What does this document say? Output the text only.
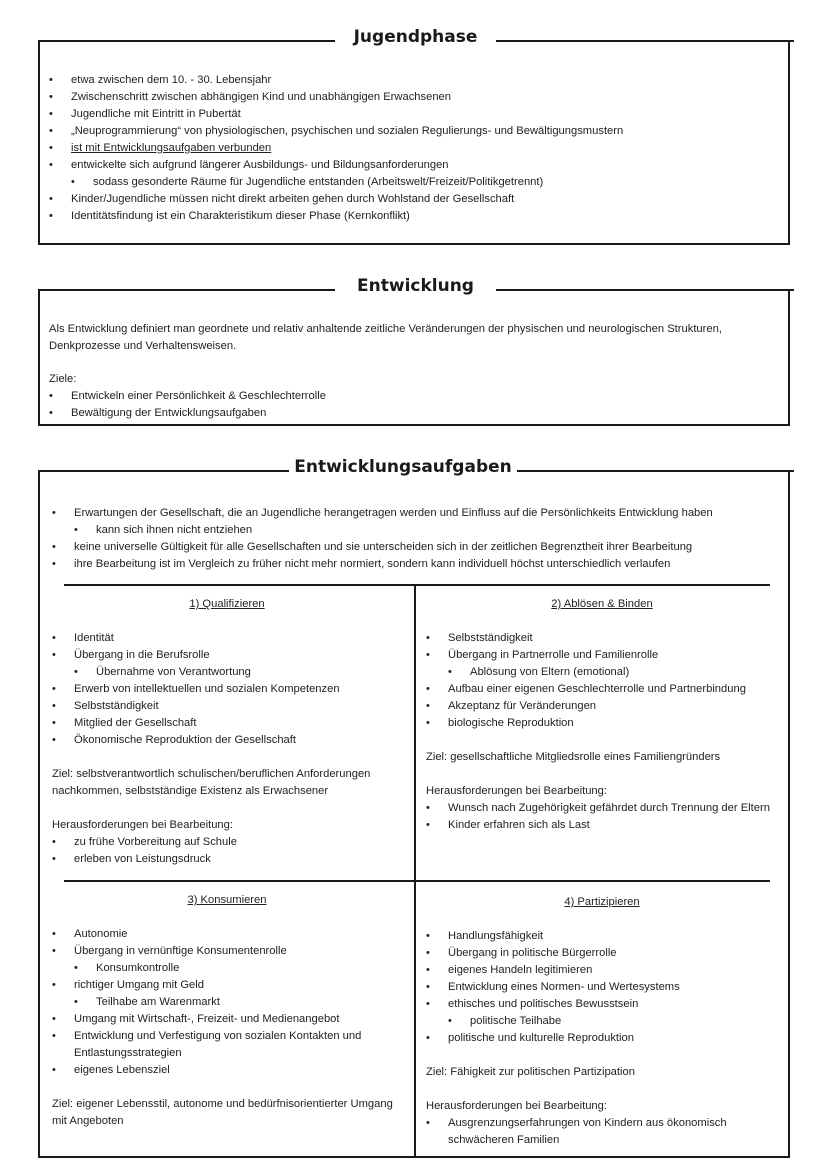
Jugendphase
• etwa zwischen dem 10. - 30. Lebensjahr
• Zwischenschritt zwischen abhängigen Kind und unabhängigen Erwachsenen
• Jugendliche mit Eintritt in Pubertät
• „Neuprogrammierung“ von physiologischen, psychischen und sozialen Regulierungs- und Bewältigungsmustern
• ist mit Entwicklungsaufgaben verbunden
• entwickelte sich aufgrund längerer Ausbildungs- und Bildungsanforderungen
• sodass gesonderte Räume für Jugendliche entstanden (Arbeitswelt/Freizeit/Politikgetrennt)
• Kinder/Jugendliche müssen nicht direkt arbeiten gehen durch Wohlstand der Gesellschaft
• Identitätsfindung ist ein Charakteristikum dieser Phase (Kernkonflikt)
Entwicklung

Als Entwicklung definiert man geordnete und relativ anhaltende zeitliche Veränderungen der physischen und neurologischen Strukturen, Denkprozesse und Verhaltensweisen.

Ziele:

• Entwickeln einer Persönlichkeit & Geschlechterrolle
• Bewältigung der Entwicklungsaufgaben
Entwicklungsaufgaben
• Erwartungen der Gesellschaft, die an Jugendliche herangetragen werden und Einfluss auf die Persönlichkeits Entwicklung haben
• kann sich ihnen nicht entziehen
• keine universelle Gültigkeit für alle Gesellschaften und sie unterscheiden sich in der zeitlichen Begrenztheit ihrer Bearbeitung
• ihre Bearbeitung ist im Vergleich zu früher nicht mehr normiert, sondern kann individuell höchst unterschiedlich verlaufen

1) Qualifizieren

• Identität
• Übergang in die Berufsrolle
• Übernahme von Verantwortung
• Erwerb von intellektuellen und sozialen Kompetenzen
• Selbstständigkeit
• Mitglied der Gesellschaft
• Ökonomische Reproduktion der Gesellschaft

Ziel: selbstverantwortlich schulischen/beruflichen Anforderungen nachkommen, selbstständige Existenz als Erwachsener

Herausforderungen bei Bearbeitung:

• zu frühe Vorbereitung auf Schule
• erleben von Leistungsdruck

2) Ablösen & Binden

• Selbstständigkeit
• Übergang in Partnerrolle und Familienrolle
• Ablösung von Eltern (emotional)
• Aufbau einer eigenen Geschlechterrolle und Partnerbindung
• Akzeptanz für Veränderungen
• biologische Reproduktion

Ziel: gesellschaftliche Mitgliedsrolle eines Familiengründers

Herausforderungen bei Bearbeitung:

• Wunsch nach Zugehörigkeit gefährdet durch Trennung der Eltern
• Kinder erfahren sich als Last

3) Konsumieren

• Autonomie
• Übergang in vernünftige Konsumentenrolle
• Konsumkontrolle
• richtiger Umgang mit Geld
• Teilhabe am Warenmarkt
• Umgang mit Wirtschaft-, Freizeit- und Medienangebot
• Entwicklung und Verfestigung von sozialen Kontakten und Entlastungsstrategien
• eigenes Lebensziel

Ziel: eigener Lebensstil, autonome und bedürfnisorientierter Umgang mit Angeboten

4) Partizipieren

• Handlungsfähigkeit
• Übergang in politische Bürgerrolle
• eigenes Handeln legitimieren
• Entwicklung eines Normen- und Wertesystems
• ethisches und politisches Bewusstsein
• politische Teilhabe
• politische und kulturelle Reproduktion

Ziel: Fähigkeit zur politischen Partizipation

Herausforderungen bei Bearbeitung:

• Ausgrenzungserfahrungen von Kindern aus ökonomisch schwächeren Familien
